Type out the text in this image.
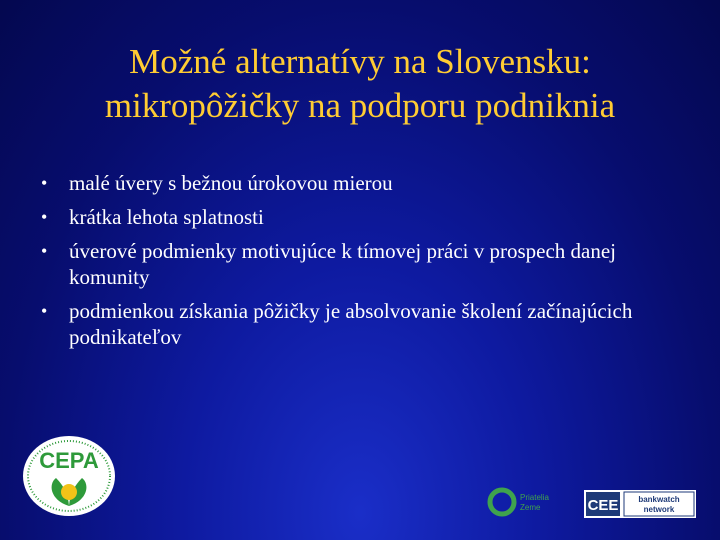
Možné alternatívy na Slovensku:
mikropôžičky na podporu podniknia
• malé úvery s bežnou úrokovou mierou
• krátka lehota splatnosti
• úverové podmienky motivujúce k tímovej práci v prospech danej komunity
• podmienkou získania pôžičky je absolvovanie školení začínajúcich podnikateľov
CEPA
Priatelia
Zeme	CEE bankwatch
network
